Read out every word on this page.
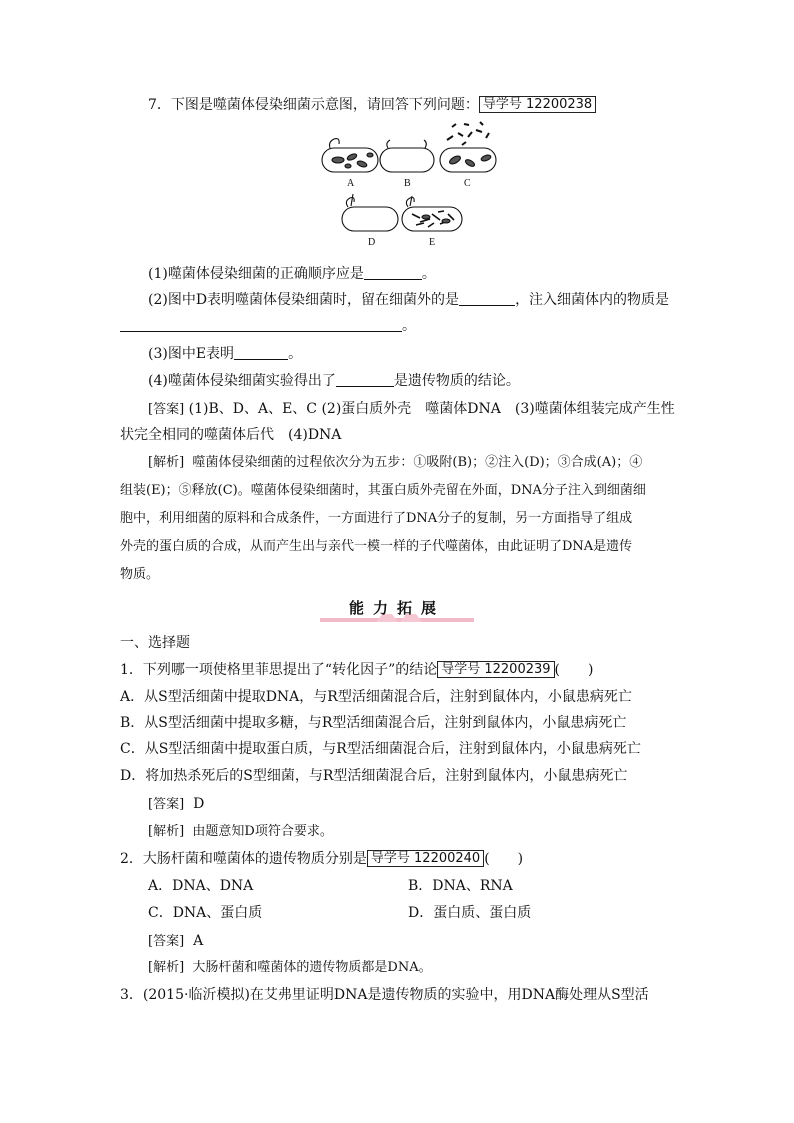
7．下图是噬菌体侵染细菌示意图，请回答下列问题： 导学号 12200238
A	B	C
D	E
(1)噬菌体侵染细菌的正确顺序应是	。
(2)图中D表明噬菌体侵染细菌时，留在细菌外的是	，注入细菌体内的物质是
。
(3)图中E表明	。
(4)噬菌体侵染细菌实验得出了	是遗传物质的结论。
[答案] (1)B、D、A、E、C (2)蛋白质外壳　噬菌体DNA　(3)噬菌体组装完成产生性
状完全相同的噬菌体后代　(4)DNA
[解析] 噬菌体侵染细菌的过程依次分为五步：①吸附(B)；②注入(D)；③合成(A)；④
组装(E)；⑤释放(C)。噬菌体侵染细菌时，其蛋白质外壳留在外面，DNA分子注入到细菌细
胞中，利用细菌的原料和合成条件，一方面进行了DNA分子的复制，另一方面指导了组成
外壳的蛋白质的合成，从而产生出与亲代一模一样的子代噬菌体，由此证明了DNA是遗传
物质。
能力拓展
一、选择题
1．下列哪一项使格里菲思提出了“转化因子”的结论 导学号 12200239 (　　)
A．从S型活细菌中提取DNA，与R型活细菌混合后，注射到鼠体内，小鼠患病死亡
B．从S型活细菌中提取多糖，与R型活细菌混合后，注射到鼠体内，小鼠患病死亡
C．从S型活细菌中提取蛋白质，与R型活细菌混合后，注射到鼠体内，小鼠患病死亡
D．将加热杀死后的S型细菌，与R型活细菌混合后，注射到鼠体内，小鼠患病死亡
[答案] D
[解析] 由题意知D项符合要求。
2．大肠杆菌和噬菌体的遗传物质分别是 导学号 12200240 (　　)
A．DNA、DNA	B．DNA、RNA
C．DNA、蛋白质	D．蛋白质、蛋白质
[答案] A
[解析] 大肠杆菌和噬菌体的遗传物质都是DNA。
3．(2015·临沂模拟)在艾弗里证明DNA是遗传物质的实验中，用DNA酶处理从S型活
